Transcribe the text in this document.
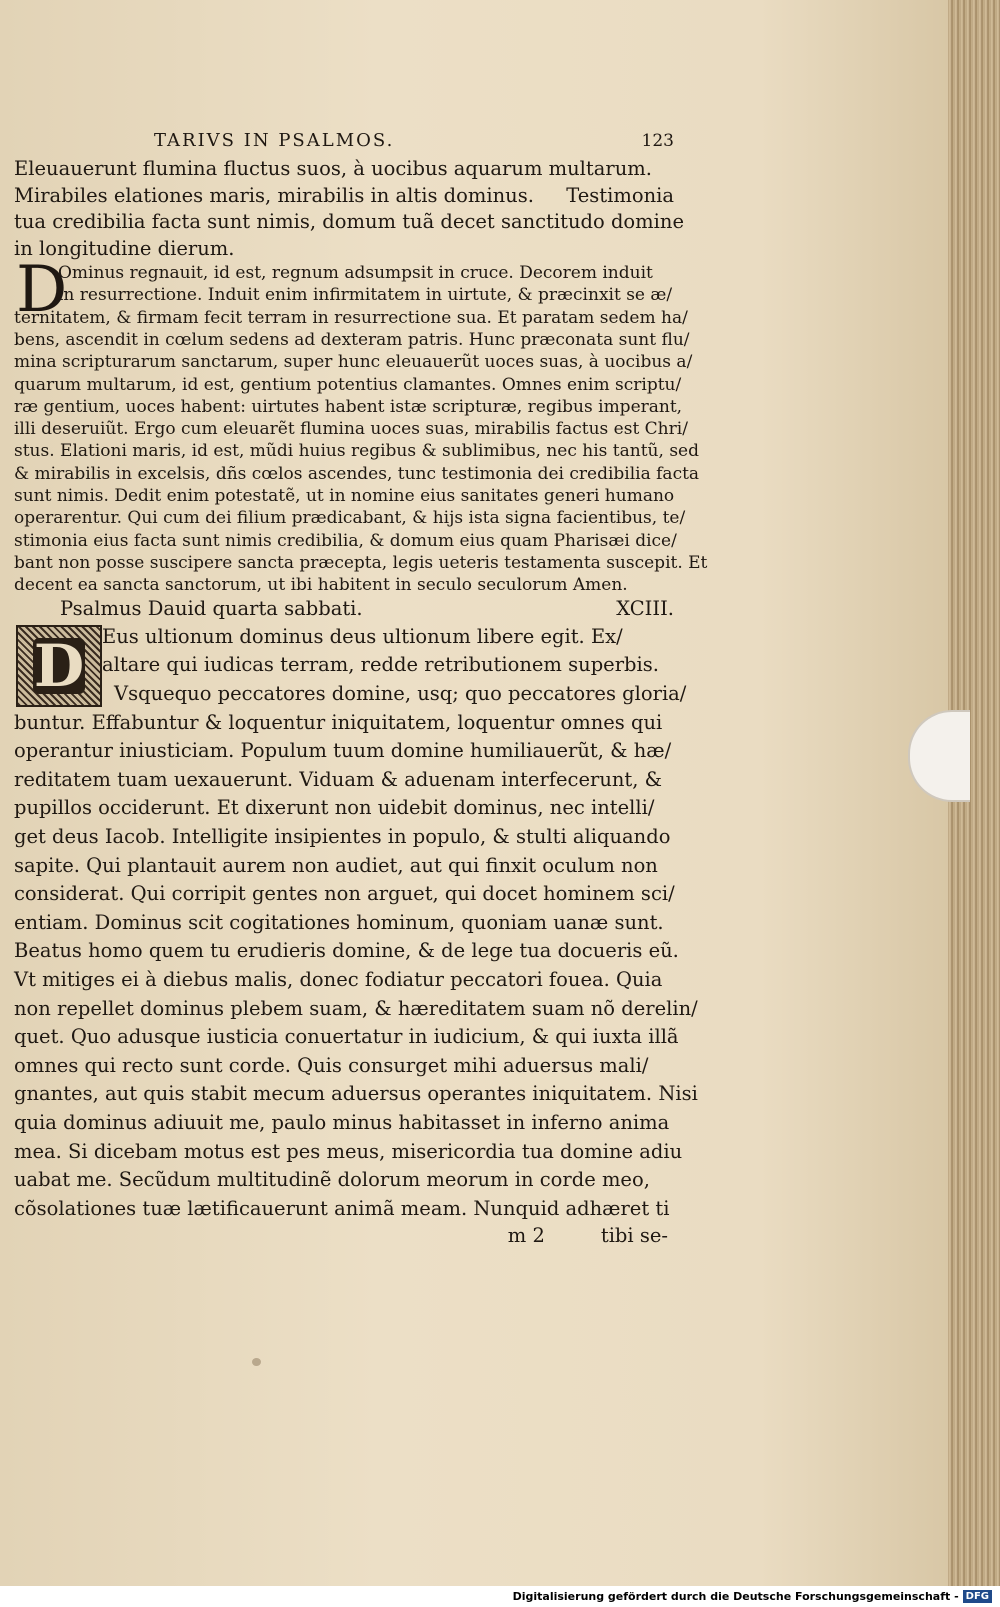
TARIVS IN PSALMOS.	123
Eleuauerunt flumina fluctus suos, à uocibus aquarum multarum.
Mirabiles elationes maris, mirabilis in altis dominus. Testimonia
tua credibilia facta sunt nimis, domum tuã decet sanctitudo domine
in longitudine dierum.
D
Ominus regnauit, id est, regnum adsumpsit in cruce. Decorem induit
in resurrectione. Induit enim infirmitatem in uirtute, & præcinxit se æ/
ternitatem, & firmam fecit terram in resurrectione sua. Et paratam sedem ha/
bens, ascendit in cœlum sedens ad dexteram patris. Hunc præconata sunt flu/
mina scripturarum sanctarum, super hunc eleuauerũt uoces suas, à uocibus a/
quarum multarum, id est, gentium potentius clamantes. Omnes enim scriptu/
ræ gentium, uoces habent: uirtutes habent istæ scripturæ, regibus imperant,
illi deseruiũt. Ergo cum eleuarẽt flumina uoces suas, mirabilis factus est Chri/
stus. Elationi maris, id est, mũdi huius regibus & sublimibus, nec his tantũ, sed
& mirabilis in excelsis, dñs cœlos ascendes, tunc testimonia dei credibilia facta
sunt nimis. Dedit enim potestatẽ, ut in nomine eius sanitates generi humano
operarentur. Qui cum dei filium prædicabant, & hijs ista signa facientibus, te/
stimonia eius facta sunt nimis credibilia, & domum eius quam Pharisæi dice/
bant non posse suscipere sancta præcepta, legis ueteris testamenta suscepit. Et
decent ea sancta sanctorum, ut ibi habitent in seculo seculorum Amen.
Psalmus Dauid quarta sabbati.	XCIII.
D Eus ultionum dominus deus ultionum libere egit. Ex/
altare qui iudicas terram, redde retributionem superbis.
Vsquequo peccatores domine, usq; quo peccatores gloria/
buntur. Effabuntur & loquentur iniquitatem, loquentur omnes qui
operantur iniusticiam. Populum tuum domine humiliauerũt, & hæ/
reditatem tuam uexauerunt. Viduam & aduenam interfecerunt, &
pupillos occiderunt. Et dixerunt non uidebit dominus, nec intelli/
get deus Iacob. Intelligite insipientes in populo, & stulti aliquando
sapite. Qui plantauit aurem non audiet, aut qui finxit oculum non
considerat. Qui corripit gentes non arguet, qui docet hominem sci/
entiam. Dominus scit cogitationes hominum, quoniam uanæ sunt.
Beatus homo quem tu erudieris domine, & de lege tua docueris eũ.
Vt mitiges ei à diebus malis, donec fodiatur peccatori fouea. Quia
non repellet dominus plebem suam, & hæreditatem suam nõ derelin/
quet. Quo adusque iusticia conuertatur in iudicium, & qui iuxta illã
omnes qui recto sunt corde. Quis consurget mihi aduersus mali/
gnantes, aut quis stabit mecum aduersus operantes iniquitatem. Nisi
quia dominus adiuuit me, paulo minus habitasset in inferno anima
mea. Si dicebam motus est pes meus, misericordia tua domine adiu
uabat me. Secũdum multitudinẽ dolorum meorum in corde meo,
cõsolationes tuæ lætificauerunt animã meam. Nunquid adhæret ti
m 2	tibi se-
Digitalisierung gefördert durch die Deutsche Forschungsgemeinschaft - DFG
